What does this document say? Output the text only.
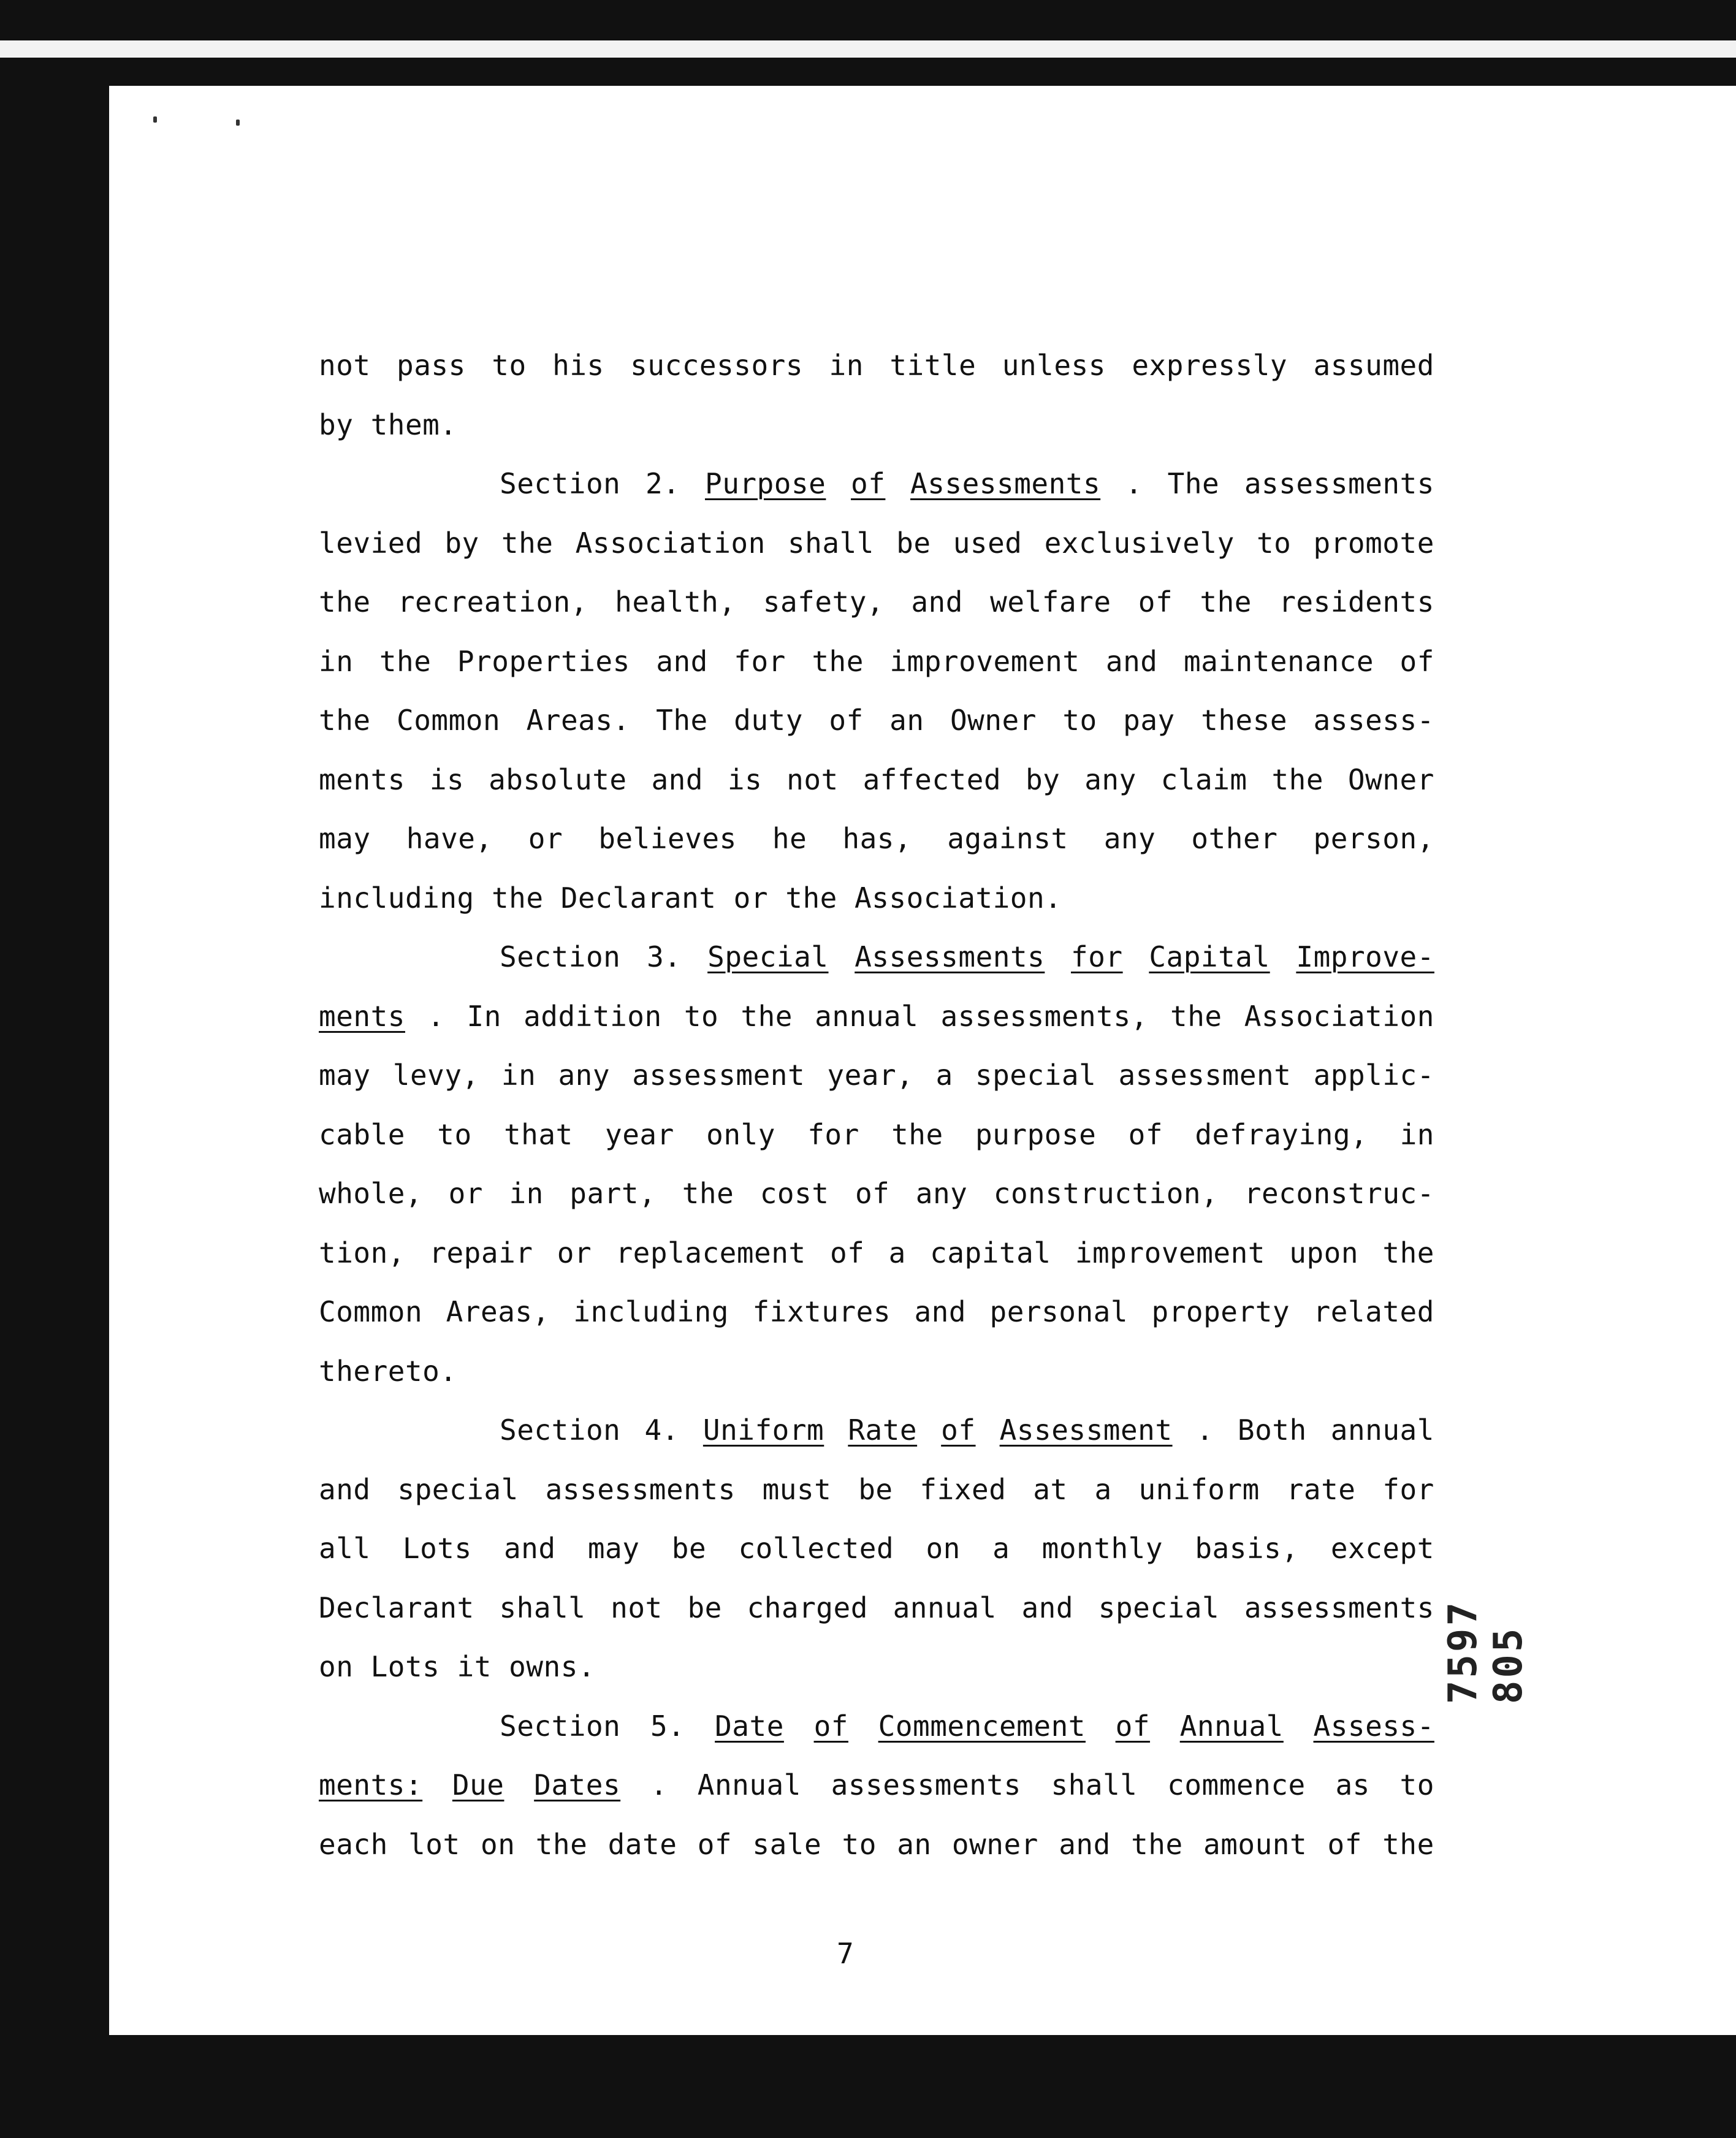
not pass to his successors in title unless expressly assumed
by them.
Section 2. Purpose of Assessments . The assessments
levied by the Association shall be used exclusively to promote
the recreation, health, safety, and welfare of the residents
in the Properties and for the improvement and maintenance of
the Common Areas. The duty of an Owner to pay these assess-
ments is absolute and is not affected by any claim the Owner
may have, or believes he has, against any other person,
including the Declarant or the Association.
Section 3. Special Assessments for Capital Improve-
ments . In addition to the annual assessments, the Association
may levy, in any assessment year, a special assessment applic-
cable to that year only for the purpose of defraying, in
whole, or in part, the cost of any construction, reconstruc-
tion, repair or replacement of a capital improvement upon the
Common Areas, including fixtures and personal property related
thereto.
Section 4. Uniform Rate of Assessment . Both annual
and special assessments must be fixed at a uniform rate for
all Lots and may be collected on a monthly basis, except
Declarant shall not be charged annual and special assessments
on Lots it owns.
Section 5. Date of Commencement of Annual Assess-
ments: Due Dates . Annual assessments shall commence as to
each lot on the date of sale to an owner and the amount of the
7
7597 805
